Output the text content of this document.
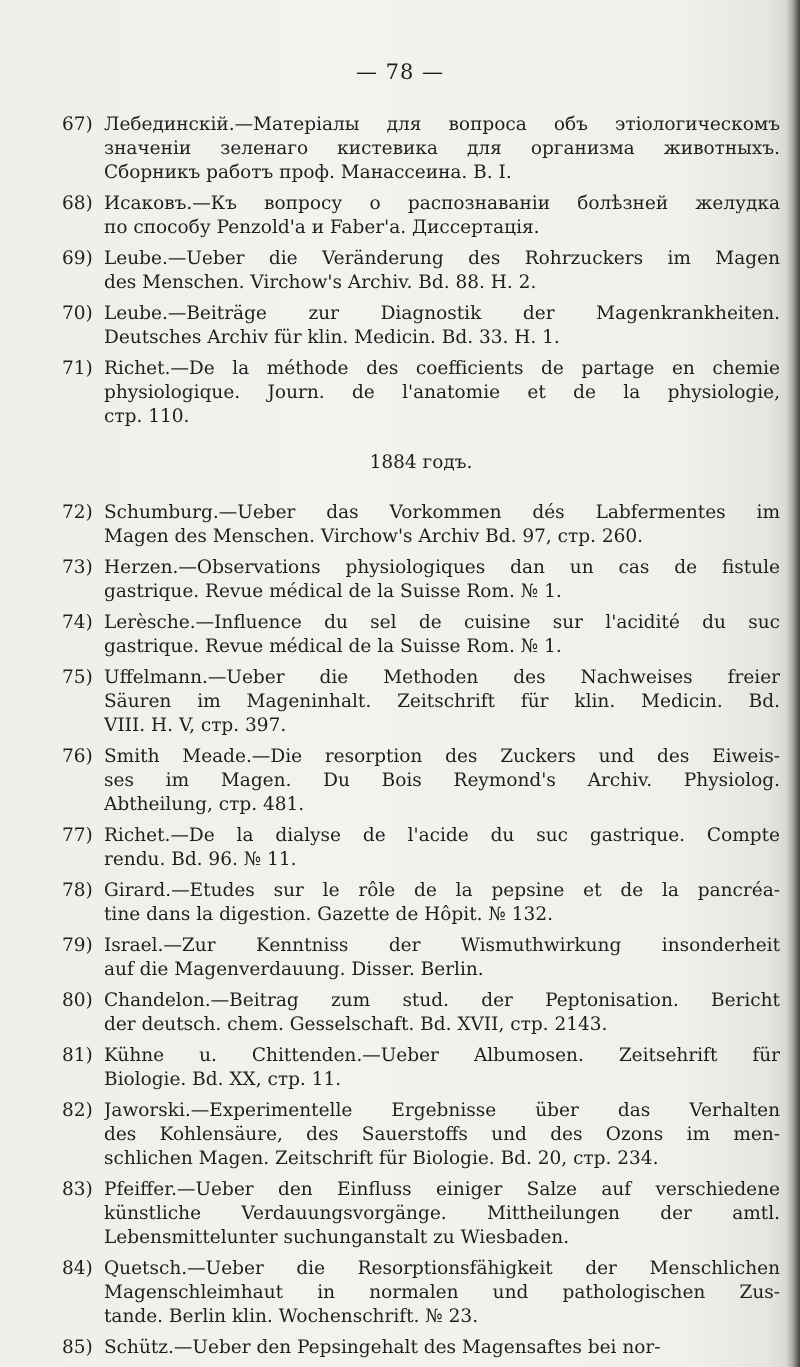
— 78 —
67) Лебединскій.—Матеріалы для вопроса объ этіологическомъ
значеніи зеленаго кистевика для организма животныхъ.
Сборникъ работъ проф. Манассеина. В. I.
68) Исаковъ.—Къ вопросу о распознаваніи болѣзней желудка
по способу Penzold'а и Faber'а. Диссертація.
69) Leube.—Ueber die Veränderung des Rohrzuckers im Magen
des Menschen. Virchow's Archiv. Bd. 88. H. 2.
70) Leube.—Beiträge zur Diagnostik der Magenkrankheiten.
Deutsches Archiv für klin. Medicin. Bd. 33. H. 1.
71) Richet.—De la méthode des coefficients de partage en chemie
physiologique. Journ. de l'anatomie et de la physiologie,
стр. 110.
1884 годъ.
72) Schumburg.—Ueber das Vorkommen dés Labfermentes im
Magen des Menschen. Virchow's Archiv Bd. 97, стр. 260.
73) Herzen.—Observations physiologiques dan un cas de fistule
gastrique. Revue médical de la Suisse Rom. № 1.
74) Lerèsche.—Influence du sel de cuisine sur l'acidité du suc
gastrique. Revue médical de la Suisse Rom. № 1.
75) Uffelmann.—Ueber die Methoden des Nachweises freier
Säuren im Mageninhalt. Zeitschrift für klin. Medicin. Bd.
VIII. H. V, стр. 397.
76) Smith Meade.—Die resorption des Zuckers und des Eiweis-
ses im Magen. Du Bois Reymond's Archiv. Physiolog.
Abtheilung, стр. 481.
77) Richet.—De la dialyse de l'acide du suc gastrique. Compte
rendu. Bd. 96. № 11.
78) Girard.—Etudes sur le rôle de la pepsine et de la pancréa-
tine dans la digestion. Gazette de Hôpit. № 132.
79) Israel.—Zur Kenntniss der Wismuthwirkung insonderheit
auf die Magenverdauung. Disser. Berlin.
80) Chandelon.—Beitrag zum stud. der Peptonisation. Bericht
der deutsch. chem. Gesselschaft. Bd. XVII, стр. 2143.
81) Kühne u. Chittenden.—Ueber Albumosen. Zeitsehrift für
Biologie. Bd. XX, стр. 11.
82) Jaworski.—Experimentelle Ergebnisse über das Verhalten
des Kohlensäure, des Sauerstoffs und des Ozons im men-
schlichen Magen. Zeitschrift für Biologie. Bd. 20, стр. 234.
83) Pfeiffer.—Ueber den Einfluss einiger Salze auf verschiedene
künstliche Verdauungsvorgänge. Mittheilungen der amtl.
Lebensmittelunter suchunganstalt zu Wiesbaden.
84) Quetsch.—Ueber die Resorptionsfähigkeit der Menschlichen
Magenschleimhaut in normalen und pathologischen Zus-
tande. Berlin klin. Wochenschrift. № 23.
85) Schütz.—Ueber den Pepsingehalt des Magensaftes bei nor-
